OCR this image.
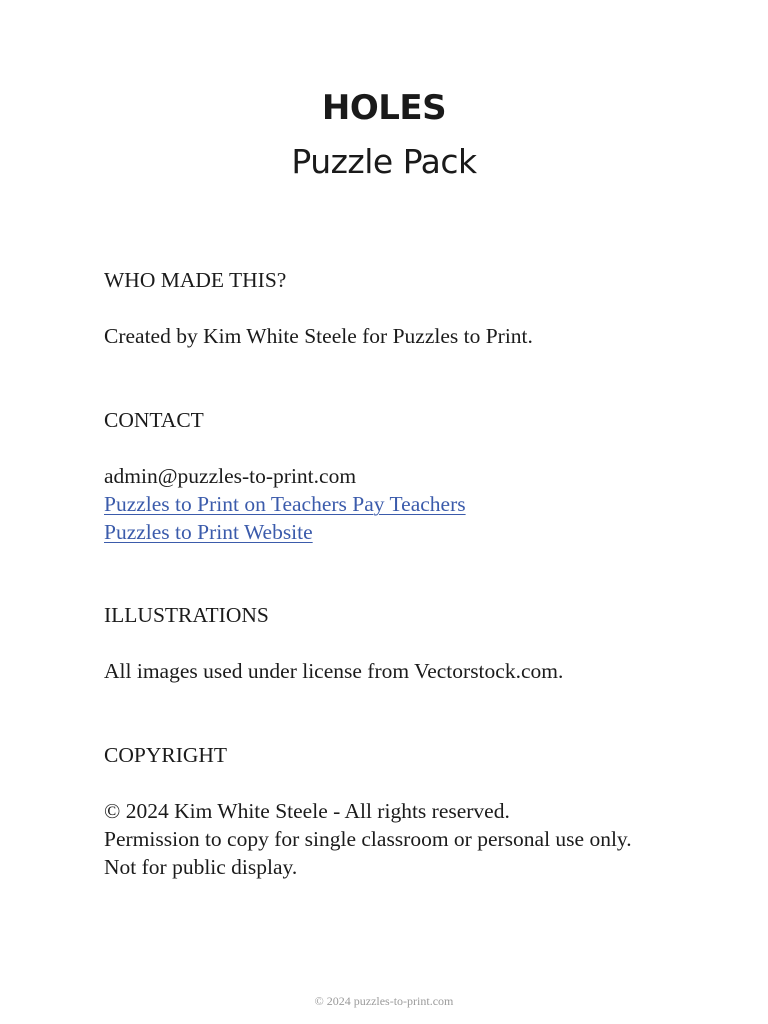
HOLES
Puzzle Pack
WHO MADE THIS?
Created by Kim White Steele for Puzzles to Print.
CONTACT
admin@puzzles-to-print.com
Puzzles to Print on Teachers Pay Teachers
Puzzles to Print Website
ILLUSTRATIONS
All images used under license from Vectorstock.com.
COPYRIGHT
© 2024 Kim White Steele - All rights reserved.
Permission to copy for single classroom or personal use only.
Not for public display.
© 2024 puzzles-to-print.com
